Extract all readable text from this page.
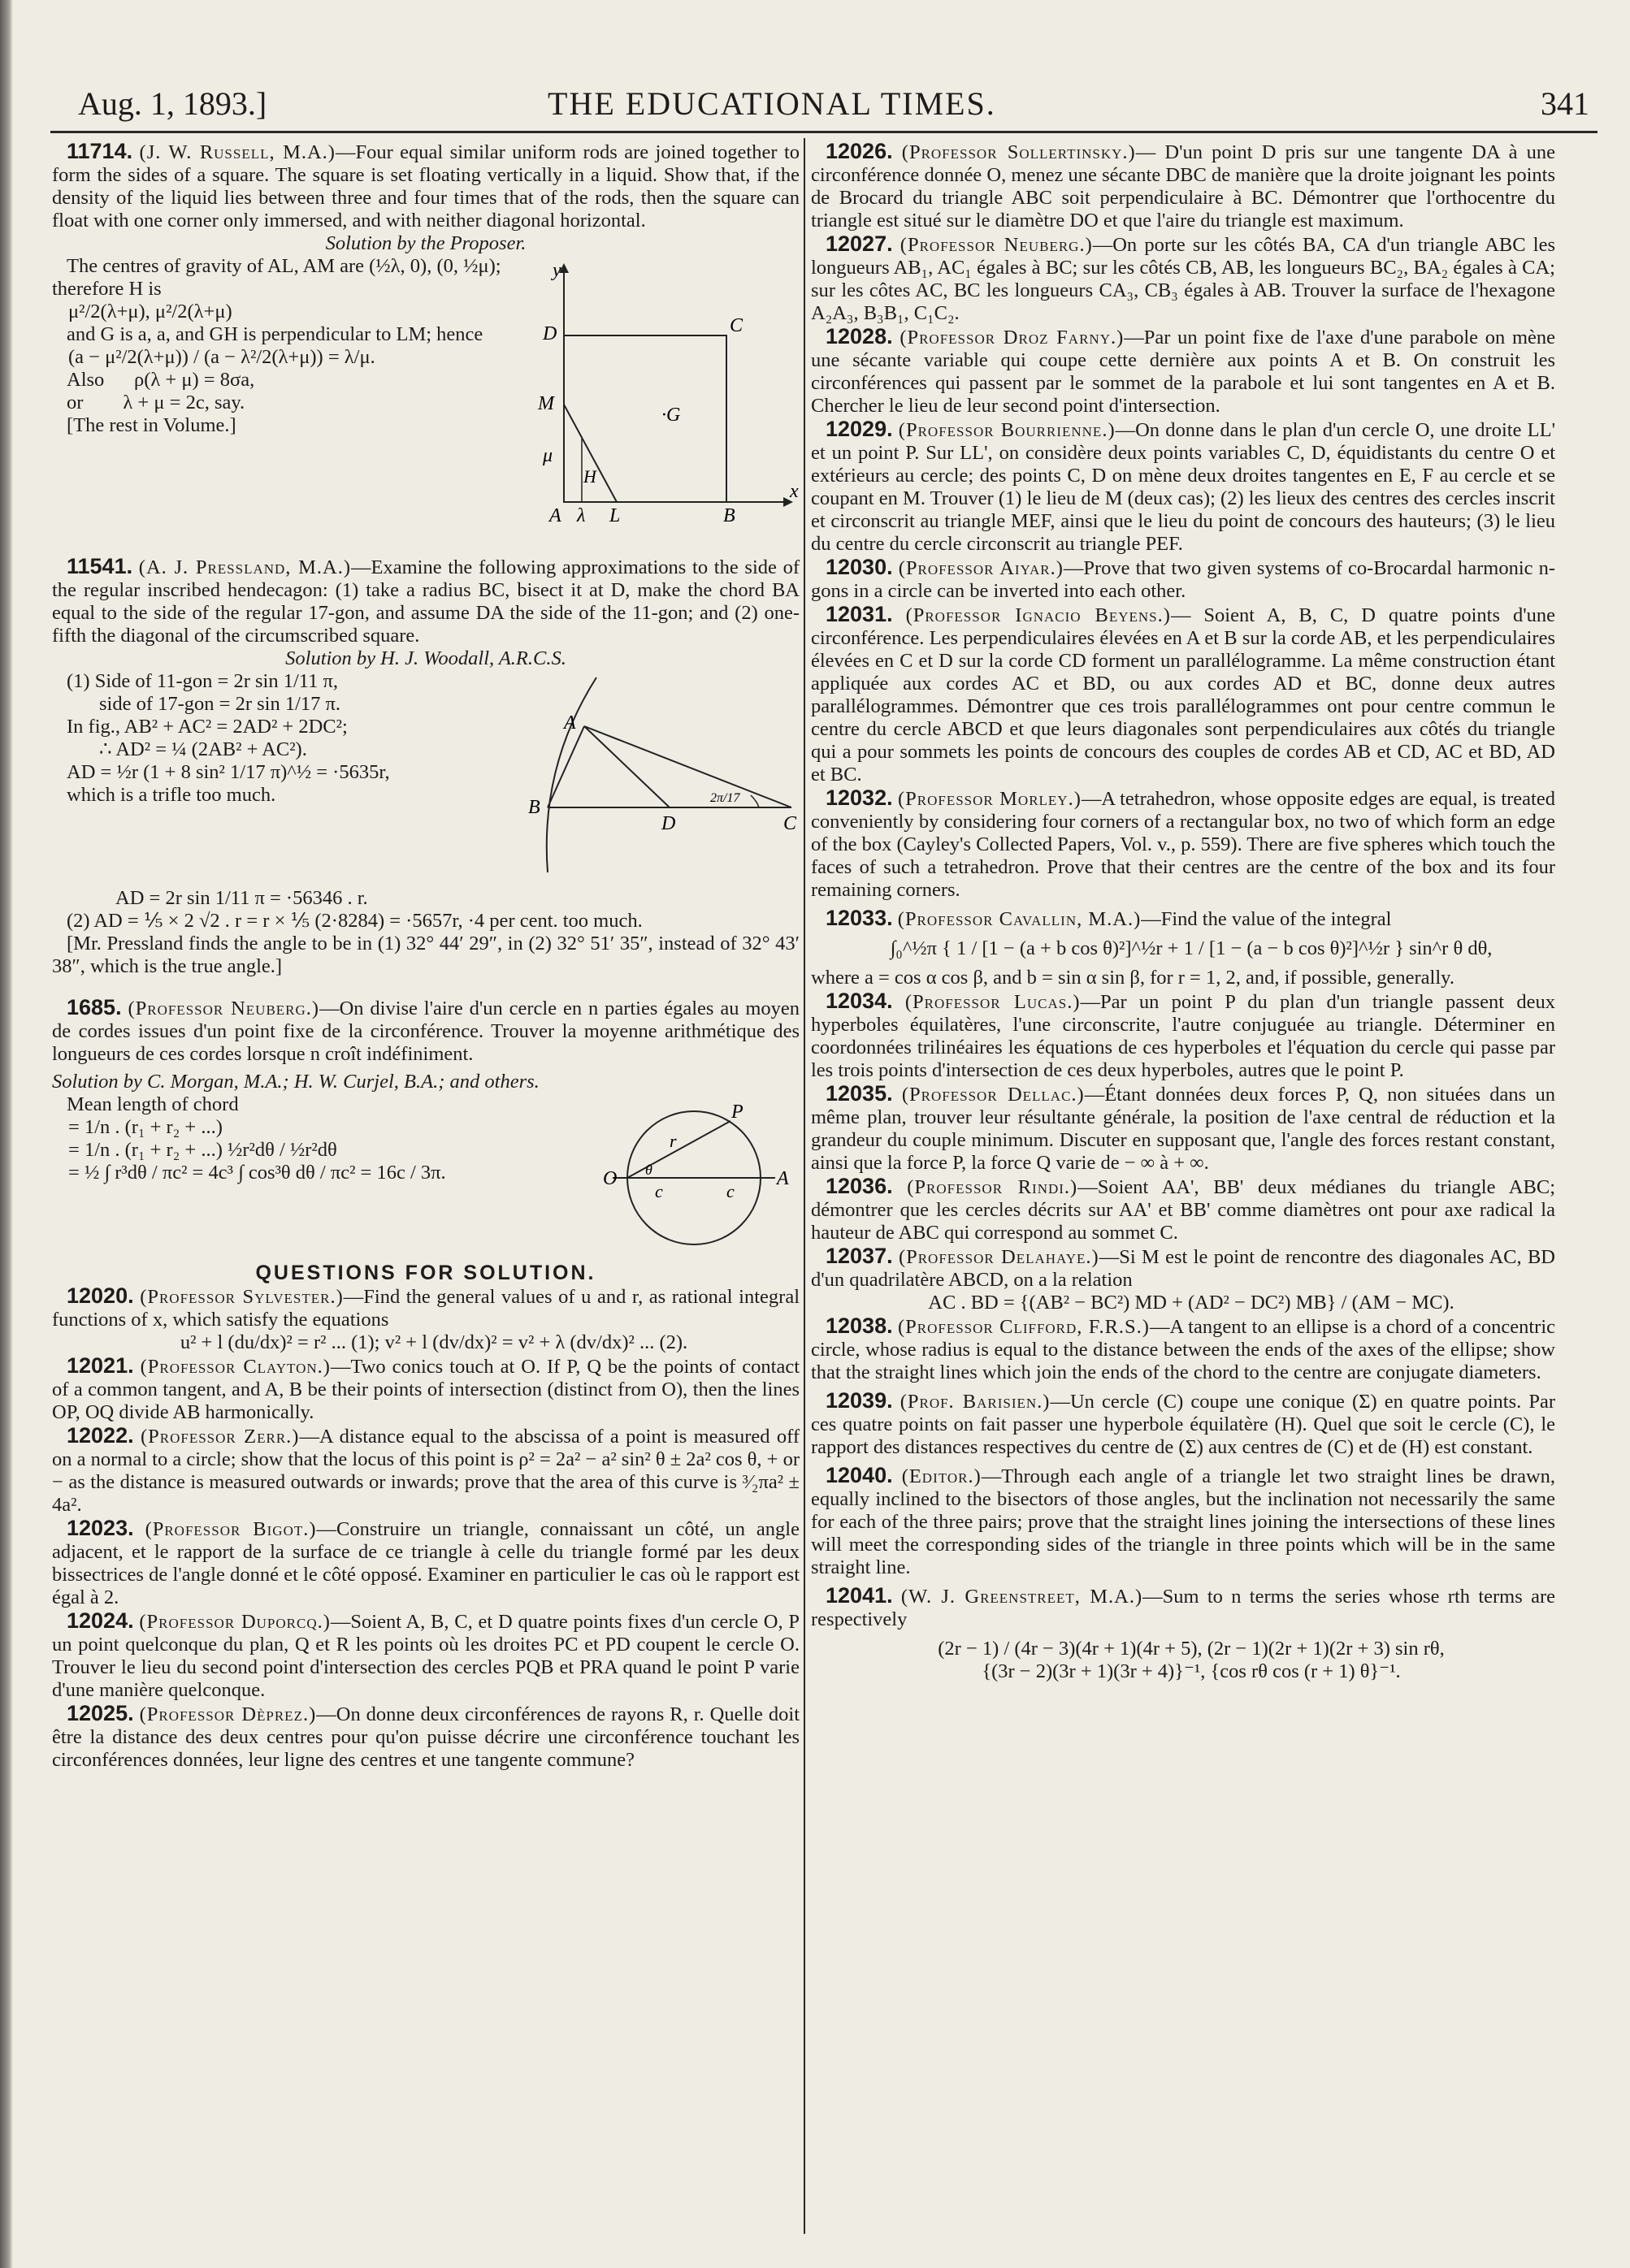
Aug. 1, 1893.]	THE EDUCATIONAL TIMES.	341

11714. (J. W. Russell, M.A.)—Four equal similar uniform rods are joined together to form the sides of a square. The square is set floating vertically in a liquid. Show that, if the density of the liquid lies between three and four times that of the rods, then the square can float with one corner only immersed, and with neither diagonal horizontal.

Solution by the Proposer.

y
x
D	C
M
·G
μ
H
A λ L	B

The centres of gravity of AL, AM are (½λ, 0), (0, ½μ); therefore H is

μ²/2(λ+μ), μ²/2(λ+μ)

and G is a, a, and GH is perpendicular to LM; hence

(a − μ²/2(λ+μ)) / (a − λ²/2(λ+μ)) = λ/μ.

Also ρ(λ + μ) = 8σa,

or λ + μ = 2c, say.

[The rest in Volume.]

11541. (A. J. Pressland, M.A.)—Examine the following approximations to the side of the regular inscribed hendecagon: (1) take a radius BC, bisect it at D, make the chord BA equal to the side of the regular 17-gon, and assume DA the side of the 11-gon; and (2) one-fifth the diagonal of the circumscribed square.

Solution by H. J. Woodall, A.R.C.S.

A
B
D	C
2π/17

(1) Side of 11-gon = 2r sin 1/11 π,

side of 17-gon = 2r sin 1/17 π.

In fig., AB² + AC² = 2AD² + 2DC²;

∴ AD² = ¼ (2AB² + AC²).

AD = ½r (1 + 8 sin² 1/17 π)^½ = ·5635r,

which is a trifle too much.

AD = 2r sin 1/11 π = ·56346 . r.

(2) AD = ⅕ × 2 √2 . r = r × ⅕ (2·8284) = ·5657r, ·4 per cent. too much.

[Mr. Pressland finds the angle to be in (1) 32° 44′ 29″, in (2) 32° 51′ 35″, instead of 32° 43′ 38″, which is the true angle.]

1685. (Professor Neuberg.)—On divise l'aire d'un cercle en n parties égales au moyen de cordes issues d'un point fixe de la circonférence. Trouver la moyenne arithmétique des longueurs de ces cordes lorsque n croît indéfiniment.

Solution by C. Morgan, M.A.; H. W. Curjel, B.A.; and others.

P
O	A
c	c
r
θ

Mean length of chord

= 1/n . (r₁ + r₂ + ...)

= 1/n . (r₁ + r₂ + ...) ½r²dθ / ½r²dθ

= ½ ∫ r³dθ / πc² = 4c³ ∫ cos³θ dθ / πc² = 16c / 3π.

QUESTIONS FOR SOLUTION.

12020. (Professor Sylvester.)—Find the general values of u and r, as rational integral functions of x, which satisfy the equations

u² + l (du/dx)² = r² ... (1); v² + l (dv/dx)² = v² + λ (dv/dx)² ... (2).

12021. (Professor Clayton.)—Two conics touch at O. If P, Q be the points of contact of a common tangent, and A, B be their points of intersection (distinct from O), then the lines OP, OQ divide AB harmonically.

12022. (Professor Zerr.)—A distance equal to the abscissa of a point is measured off on a normal to a circle; show that the locus of this point is ρ² = 2a² − a² sin² θ ± 2a² cos θ, + or − as the distance is measured outwards or inwards; prove that the area of this curve is ³⁄₂πa² ± 4a².

12023. (Professor Bigot.)—Construire un triangle, connaissant un côté, un angle adjacent, et le rapport de la surface de ce triangle à celle du triangle formé par les deux bissectrices de l'angle donné et le côté opposé. Examiner en particulier le cas où le rapport est égal à 2.

12024. (Professor Duporcq.)—Soient A, B, C, et D quatre points fixes d'un cercle O, P un point quelconque du plan, Q et R les points où les droites PC et PD coupent le cercle O. Trouver le lieu du second point d'intersection des cercles PQB et PRA quand le point P varie d'une manière quelconque.

12025. (Professor Dèprez.)—On donne deux circonférences de rayons R, r. Quelle doit être la distance des deux centres pour qu'on puisse décrire une circonférence touchant les circonférences données, leur ligne des centres et une tangente commune?

12026. (Professor Sollertinsky.)— D'un point D pris sur une tangente DA à une circonférence donnée O, menez une sécante DBC de manière que la droite joignant les points de Brocard du triangle ABC soit perpendiculaire à BC. Démontrer que l'orthocentre du triangle est situé sur le diamètre DO et que l'aire du triangle est maximum.

12027. (Professor Neuberg.)—On porte sur les côtés BA, CA d'un triangle ABC les longueurs AB₁, AC₁ égales à BC; sur les côtés CB, AB, les longueurs BC₂, BA₂ égales à CA; sur les côtes AC, BC les longueurs CA₃, CB₃ égales à AB. Trouver la surface de l'hexagone A₂A₃, B₃B₁, C₁C₂.

12028. (Professor Droz Farny.)—Par un point fixe de l'axe d'une parabole on mène une sécante variable qui coupe cette dernière aux points A et B. On construit les circonférences qui passent par le sommet de la parabole et lui sont tangentes en A et B. Chercher le lieu de leur second point d'intersection.

12029. (Professor Bourrienne.)—On donne dans le plan d'un cercle O, une droite LL' et un point P. Sur LL', on considère deux points variables C, D, équidistants du centre O et extérieurs au cercle; des points C, D on mène deux droites tangentes en E, F au cercle et se coupant en M. Trouver (1) le lieu de M (deux cas); (2) les lieux des centres des cercles inscrit et circonscrit au triangle MEF, ainsi que le lieu du point de concours des hauteurs; (3) le lieu du centre du cercle circonscrit au triangle PEF.

12030. (Professor Aiyar.)—Prove that two given systems of co-Brocardal harmonic n-gons in a circle can be inverted into each other.

12031. (Professor Ignacio Beyens.)— Soient A, B, C, D quatre points d'une circonférence. Les perpendiculaires élevées en A et B sur la corde AB, et les perpendiculaires élevées en C et D sur la corde CD forment un parallélogramme. La même construction étant appliquée aux cordes AC et BD, ou aux cordes AD et BC, donne deux autres parallélogrammes. Démontrer que ces trois parallélogrammes ont pour centre commun le centre du cercle ABCD et que leurs diagonales sont perpendiculaires aux côtés du triangle qui a pour sommets les points de concours des couples de cordes AB et CD, AC et BD, AD et BC.

12032. (Professor Morley.)—A tetrahedron, whose opposite edges are equal, is treated conveniently by considering four corners of a rectangular box, no two of which form an edge of the box (Cayley's Collected Papers, Vol. v., p. 559). There are five spheres which touch the faces of such a tetrahedron. Prove that their centres are the centre of the box and its four remaining corners.

12033. (Professor Cavallin, M.A.)—Find the value of the integral

∫₀^½π { 1 / [1 − (a + b cos θ)²]^½r + 1 / [1 − (a − b cos θ)²]^½r } sin^r θ dθ,

where a = cos α cos β, and b = sin α sin β, for r = 1, 2, and, if possible, generally.

12034. (Professor Lucas.)—Par un point P du plan d'un triangle passent deux hyperboles équilatères, l'une circonscrite, l'autre conjuguée au triangle. Déterminer en coordonnées trilinéaires les équations de ces hyperboles et l'équation du cercle qui passe par les trois points d'intersection de ces deux hyperboles, autres que le point P.

12035. (Professor Dellac.)—Étant données deux forces P, Q, non situées dans un même plan, trouver leur résultante générale, la position de l'axe central de réduction et la grandeur du couple minimum. Discuter en supposant que, l'angle des forces restant constant, ainsi que la force P, la force Q varie de − ∞ à + ∞.

12036. (Professor Rindi.)—Soient AA', BB' deux médianes du triangle ABC; démontrer que les cercles décrits sur AA' et BB' comme diamètres ont pour axe radical la hauteur de ABC qui correspond au sommet C.

12037. (Professor Delahaye.)—Si M est le point de rencontre des diagonales AC, BD d'un quadrilatère ABCD, on a la relation

AC . BD = {(AB² − BC²) MD + (AD² − DC²) MB} / (AM − MC).

12038. (Professor Clifford, F.R.S.)—A tangent to an ellipse is a chord of a concentric circle, whose radius is equal to the distance between the ends of the axes of the ellipse; show that the straight lines which join the ends of the chord to the centre are conjugate diameters.

12039. (Prof. Barisien.)—Un cercle (C) coupe une conique (Σ) en quatre points. Par ces quatre points on fait passer une hyperbole équilatère (H). Quel que soit le cercle (C), le rapport des distances respectives du centre de (Σ) aux centres de (C) et de (H) est constant.

12040. (Editor.)—Through each angle of a triangle let two straight lines be drawn, equally inclined to the bisectors of those angles, but the inclination not necessarily the same for each of the three pairs; prove that the straight lines joining the intersections of these lines will meet the corresponding sides of the triangle in three points which will be in the same straight line.

12041. (W. J. Greenstreet, M.A.)—Sum to n terms the series whose rth terms are respectively

(2r − 1) / (4r − 3)(4r + 1)(4r + 5), (2r − 1)(2r + 1)(2r + 3) sin rθ,

{(3r − 2)(3r + 1)(3r + 4)}⁻¹, {cos rθ cos (r + 1) θ}⁻¹.
